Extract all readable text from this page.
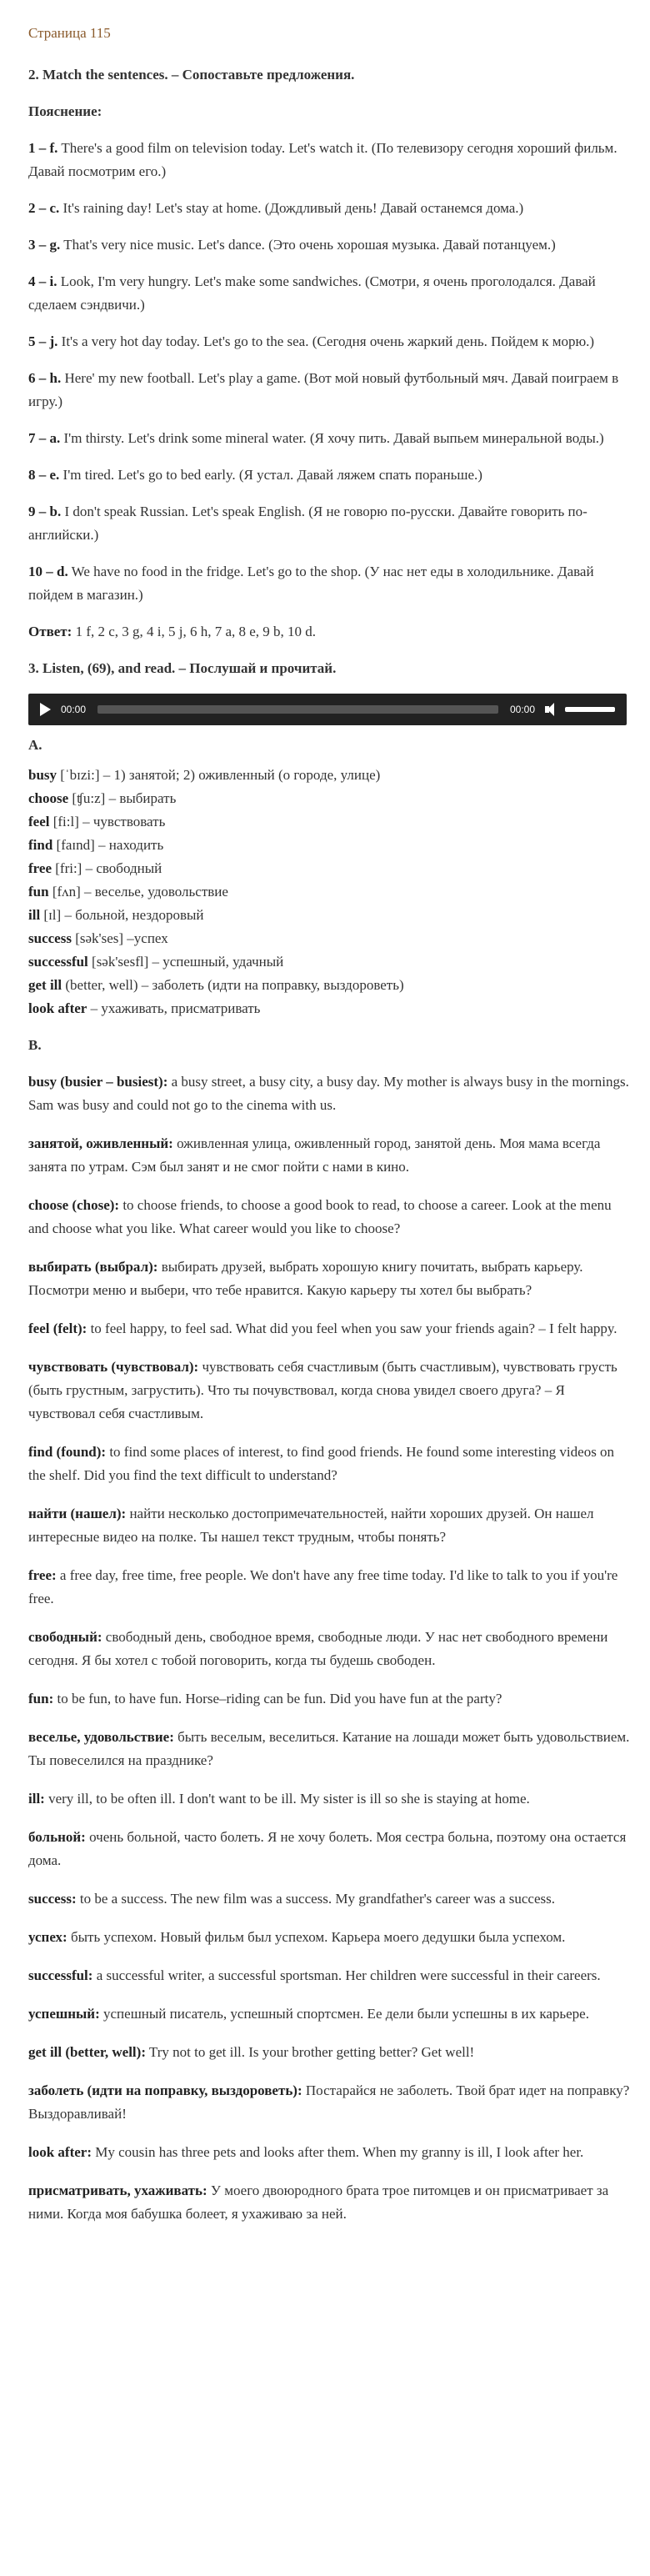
Страница 115

2. Match the sentences. – Сопоставьте предложения.

Пояснение:

1 – f. There's a good film on television today. Let's watch it. (По телевизору сегодня хороший фильм. Давай посмотрим его.)

2 – c. It's raining day! Let's stay at home. (Дождливый день! Давай останемся дома.)

3 – g. That's very nice music. Let's dance. (Это очень хорошая музыка. Давай потанцуем.)

4 – i. Look, I'm very hungry. Let's make some sandwiches. (Смотри, я очень проголодался. Давай сделаем сэндвичи.)

5 – j. It's a very hot day today. Let's go to the sea. (Сегодня очень жаркий день. Пойдем к морю.)

6 – h. Here' my new football. Let's play a game. (Вот мой новый футбольный мяч. Давай поиграем в игру.)

7 – a. I'm thirsty. Let's drink some mineral water. (Я хочу пить. Давай выпьем минеральной воды.)

8 – e. I'm tired. Let's go to bed early. (Я устал. Давай ляжем спать пораньше.)

9 – b. I don't speak Russian. Let's speak English. (Я не говорю по-русски. Давайте говорить по-английски.)

10 – d. We have no food in the fridge. Let's go to the shop. (У нас нет еды в холодильнике. Давай пойдем в магазин.)

Ответ: 1 f, 2 c, 3 g, 4 i, 5 j, 6 h, 7 a, 8 e, 9 b, 10 d.

3. Listen, (69), and read. – Послушай и прочитай.

00:00	00:00
A.

busy [ˈbɪzi:] – 1) занятой; 2) оживленный (о городе, улице)

choose [ʧu:z] – выбирать

feel [fi:l] – чувствовать

find [faɪnd] – находить

free [fri:] – свободный

fun [fʌn] – веселье, удовольствие

ill [ɪl] – больной, нездоровый

success [sək'ses] –успех

successful [sək'sesfl] – успешный, удачный

get ill (better, well) – заболеть (идти на поправку, выздороветь)

look after – ухаживать, присматривать

B.

busy (busier – busiest): a busy street, a busy city, a busy day. My mother is always busy in the mornings. Sam was busy and could not go to the cinema with us.

занятой, оживленный: оживленная улица, оживленный город, занятой день. Моя мама всегда занята по утрам. Сэм был занят и не смог пойти с нами в кино.

choose (chose): to choose friends, to choose a good book to read, to choose a career. Look at the menu and choose what you like. What career would you like to choose?

выбирать (выбрал): выбирать друзей, выбрать хорошую книгу почитать, выбрать карьеру. Посмотри меню и выбери, что тебе нравится. Какую карьеру ты хотел бы выбрать?

feel (felt): to feel happy, to feel sad. What did you feel when you saw your friends again? – I felt happy.

чувствовать (чувствовал): чувствовать себя счастливым (быть счастливым), чувствовать грусть (быть грустным, загрустить). Что ты почувствовал, когда снова увидел своего друга? – Я чувствовал себя счастливым.

find (found): to find some places of interest, to find good friends. He found some interesting videos on the shelf. Did you find the text difficult to understand?

найти (нашел): найти несколько достопримечательностей, найти хороших друзей. Он нашел интересные видео на полке. Ты нашел текст трудным, чтобы понять?

free: a free day, free time, free people. We don't have any free time today. I'd like to talk to you if you're free.

свободный: свободный день, свободное время, свободные люди. У нас нет свободного времени сегодня. Я бы хотел с тобой поговорить, когда ты будешь свободен.

fun: to be fun, to have fun. Horse–riding can be fun. Did you have fun at the party?

веселье, удовольствие: быть веселым, веселиться. Катание на лошади может быть удовольствием. Ты повеселился на празднике?

ill: very ill, to be often ill. I don't want to be ill. My sister is ill so she is staying at home.

больной: очень больной, часто болеть. Я не хочу болеть. Моя сестра больна, поэтому она остается дома.

success: to be a success. The new film was a success. My grandfather's career was a success.

успех: быть успехом. Новый фильм был успехом. Карьера моего дедушки была успехом.

successful: a successful writer, a successful sportsman. Her children were successful in their careers.

успешный: успешный писатель, успешный спортсмен. Ее дели были успешны в их карьере.

get ill (better, well): Try not to get ill. Is your brother getting better? Get well!

заболеть (идти на поправку, выздороветь): Постарайся не заболеть. Твой брат идет на поправку? Выздоравливай!

look after: My cousin has three pets and looks after them. When my granny is ill, I look after her.

присматривать, ухаживать: У моего двоюродного брата трое питомцев и он присматривает за ними. Когда моя бабушка болеет, я ухаживаю за ней.
